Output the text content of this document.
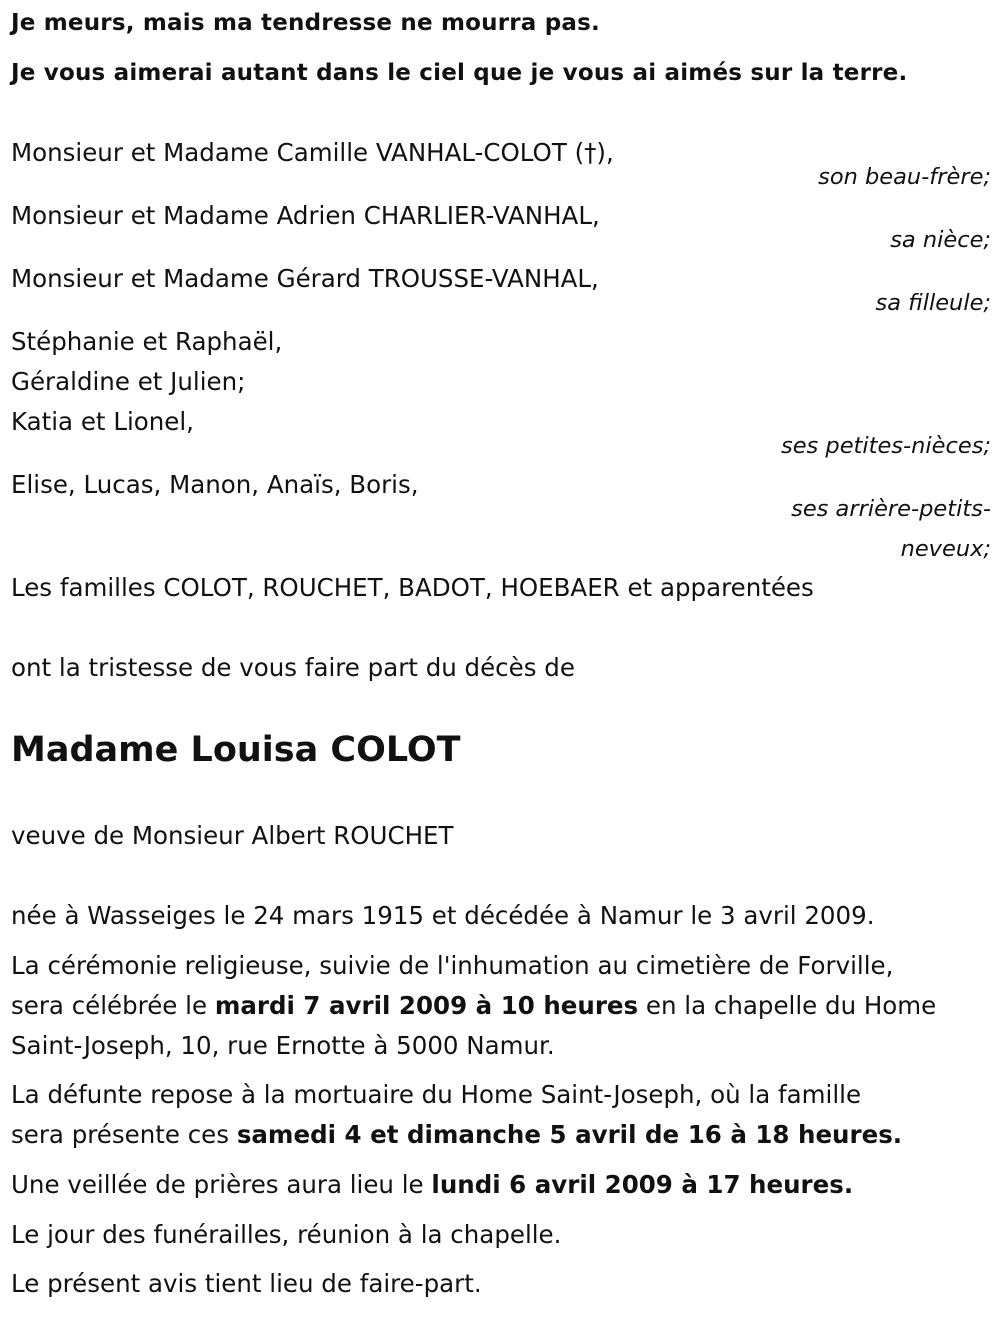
Je meurs, mais ma tendresse ne mourra pas.
Je vous aimerai autant dans le ciel que je vous ai aimés sur la terre.
Monsieur et Madame Camille VANHAL-COLOT (†),
son beau-frère;
Monsieur et Madame Adrien CHARLIER-VANHAL,
sa nièce;
Monsieur et Madame Gérard TROUSSE-VANHAL,
sa filleule;
Stéphanie et Raphaël,
Géraldine et Julien;
Katia et Lionel,
ses petites-nièces;
Elise, Lucas, Manon, Anaïs, Boris,
ses arrière-petits-
neveux;
Les familles COLOT, ROUCHET, BADOT, HOEBAER et apparentées
ont la tristesse de vous faire part du décès de
Madame Louisa COLOT
veuve de Monsieur Albert ROUCHET
née à Wasseiges le 24 mars 1915 et décédée à Namur le 3 avril 2009.
La cérémonie religieuse, suivie de l'inhumation au cimetière de Forville,
sera célébrée le mardi 7 avril 2009 à 10 heures en la chapelle du Home
Saint-Joseph, 10, rue Ernotte à 5000 Namur.
La défunte repose à la mortuaire du Home Saint-Joseph, où la famille
sera présente ces samedi 4 et dimanche 5 avril de 16 à 18 heures.
Une veillée de prières aura lieu le lundi 6 avril 2009 à 17 heures.
Le jour des funérailles, réunion à la chapelle.
Le présent avis tient lieu de faire-part.
